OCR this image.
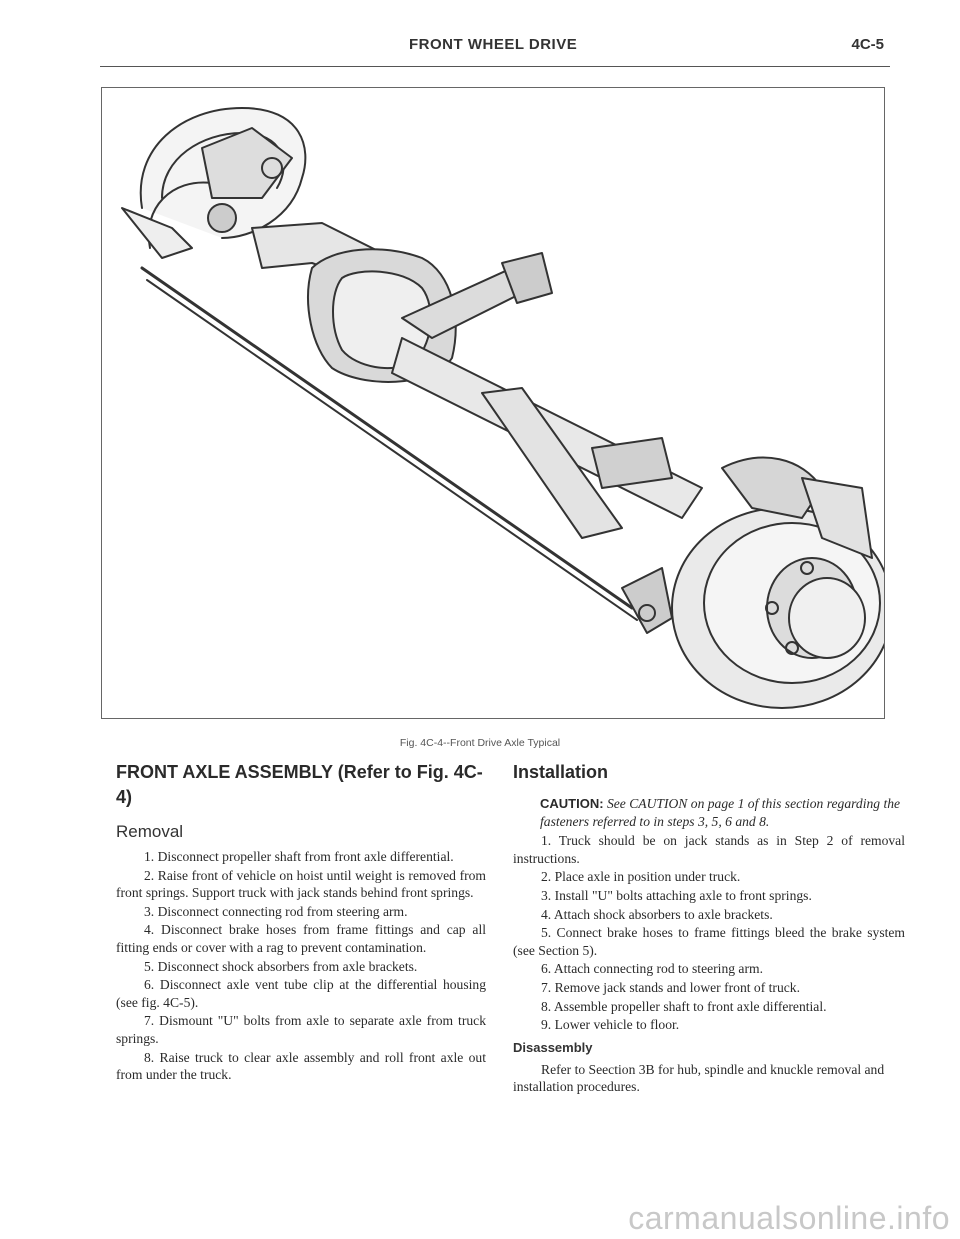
FRONT WHEEL DRIVE	4C-5
Fig. 4C-4--Front Drive Axle Typical
FRONT AXLE ASSEMBLY (Refer to Fig. 4C-4)
Removal

1. Disconnect propeller shaft from front axle differential.

2. Raise front of vehicle on hoist until weight is removed from front springs. Support truck with jack stands behind front springs.

3. Disconnect connecting rod from steering arm.

4. Disconnect brake hoses from frame fittings and cap all fitting ends or cover with a rag to prevent contamination.

5. Disconnect shock absorbers from axle brackets.

6. Disconnect axle vent tube clip at the differential housing (see fig. 4C-5).

7. Dismount "U" bolts from axle to separate axle from truck springs.

8. Raise truck to clear axle assembly and roll front axle out from under the truck.

Installation

CAUTION: See CAUTION on page 1 of this section regarding the fasteners referred to in steps 3, 5, 6 and 8.

1. Truck should be on jack stands as in Step 2 of removal instructions.

2. Place axle in position under truck.

3. Install "U" bolts attaching axle to front springs.

4. Attach shock absorbers to axle brackets.

5. Connect brake hoses to frame fittings bleed the brake system (see Section 5).

6. Attach connecting rod to steering arm.

7. Remove jack stands and lower front of truck.

8. Assemble propeller shaft to front axle differential.

9. Lower vehicle to floor.

Disassembly

Refer to Seection 3B for hub, spindle and knuckle removal and installation procedures.

carmanualsonline.info
